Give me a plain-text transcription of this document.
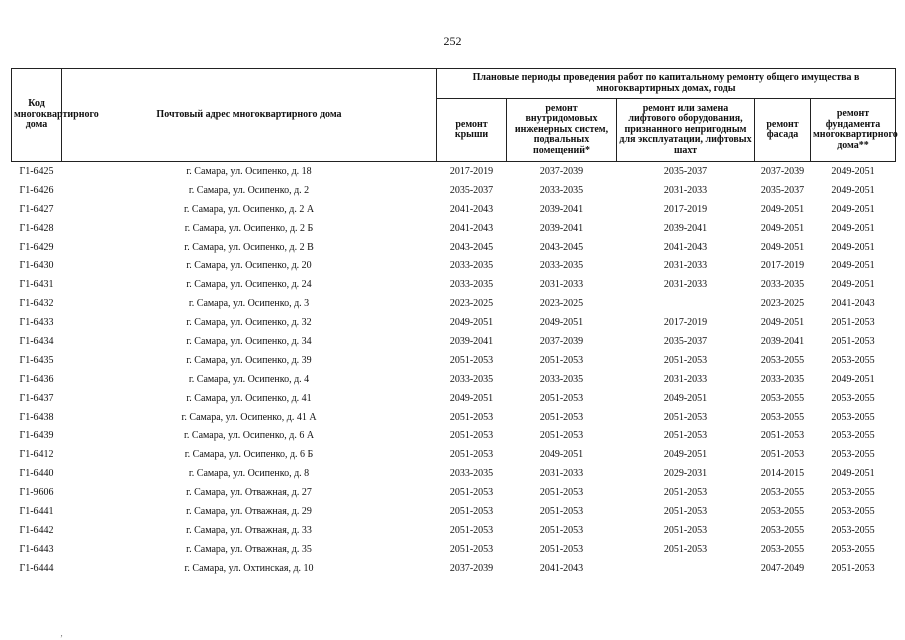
252
Код многоквартирного дома	Почтовый адрес многоквартирного дома	Плановые периоды проведения работ по капитальному ремонту общего имущества в многоквартирных домах, годы				
		ремонт крыши	ремонт внутридомовых инженерных систем, подвальных помещений*	ремонт или замена лифтового оборудования, признанного непригодным для эксплуатации, лифтовых шахт	ремонт фасада	ремонт фундамента многоквартирного дома**
Г1-6425	г. Самара, ул. Осипенко, д. 18	2017-2019	2037-2039	2035-2037	2037-2039	2049-2051
Г1-6426	г. Самара, ул. Осипенко, д. 2	2035-2037	2033-2035	2031-2033	2035-2037	2049-2051
Г1-6427	г. Самара, ул. Осипенко, д. 2 А	2041-2043	2039-2041	2017-2019	2049-2051	2049-2051
Г1-6428	г. Самара, ул. Осипенко, д. 2 Б	2041-2043	2039-2041	2039-2041	2049-2051	2049-2051
Г1-6429	г. Самара, ул. Осипенко, д. 2 В	2043-2045	2043-2045	2041-2043	2049-2051	2049-2051
Г1-6430	г. Самара, ул. Осипенко, д. 20	2033-2035	2033-2035	2031-2033	2017-2019	2049-2051
Г1-6431	г. Самара, ул. Осипенко, д. 24	2033-2035	2031-2033	2031-2033	2033-2035	2049-2051
Г1-6432	г. Самара, ул. Осипенко, д. 3	2023-2025	2023-2025		2023-2025	2041-2043
Г1-6433	г. Самара, ул. Осипенко, д. 32	2049-2051	2049-2051	2017-2019	2049-2051	2051-2053
Г1-6434	г. Самара, ул. Осипенко, д. 34	2039-2041	2037-2039	2035-2037	2039-2041	2051-2053
Г1-6435	г. Самара, ул. Осипенко, д. 39	2051-2053	2051-2053	2051-2053	2053-2055	2053-2055
Г1-6436	г. Самара, ул. Осипенко, д. 4	2033-2035	2033-2035	2031-2033	2033-2035	2049-2051
Г1-6437	г. Самара, ул. Осипенко, д. 41	2049-2051	2051-2053	2049-2051	2053-2055	2053-2055
Г1-6438	г. Самара, ул. Осипенко, д. 41 А	2051-2053	2051-2053	2051-2053	2053-2055	2053-2055
Г1-6439	г. Самара, ул. Осипенко, д. 6 А	2051-2053	2051-2053	2051-2053	2051-2053	2053-2055
Г1-6412	г. Самара, ул. Осипенко, д. 6 Б	2051-2053	2049-2051	2049-2051	2051-2053	2053-2055
Г1-6440	г. Самара, ул. Осипенко, д. 8	2033-2035	2031-2033	2029-2031	2014-2015	2049-2051
Г1-9606	г. Самара, ул. Отважная, д. 27	2051-2053	2051-2053	2051-2053	2053-2055	2053-2055
Г1-6441	г. Самара, ул. Отважная, д. 29	2051-2053	2051-2053	2051-2053	2053-2055	2053-2055
Г1-6442	г. Самара, ул. Отважная, д. 33	2051-2053	2051-2053	2051-2053	2053-2055	2053-2055
Г1-6443	г. Самара, ул. Отважная, д. 35	2051-2053	2051-2053	2051-2053	2053-2055	2053-2055
Г1-6444	г. Самара, ул. Охтинская, д. 10	2037-2039	2041-2043		2047-2049	2051-2053
‚
